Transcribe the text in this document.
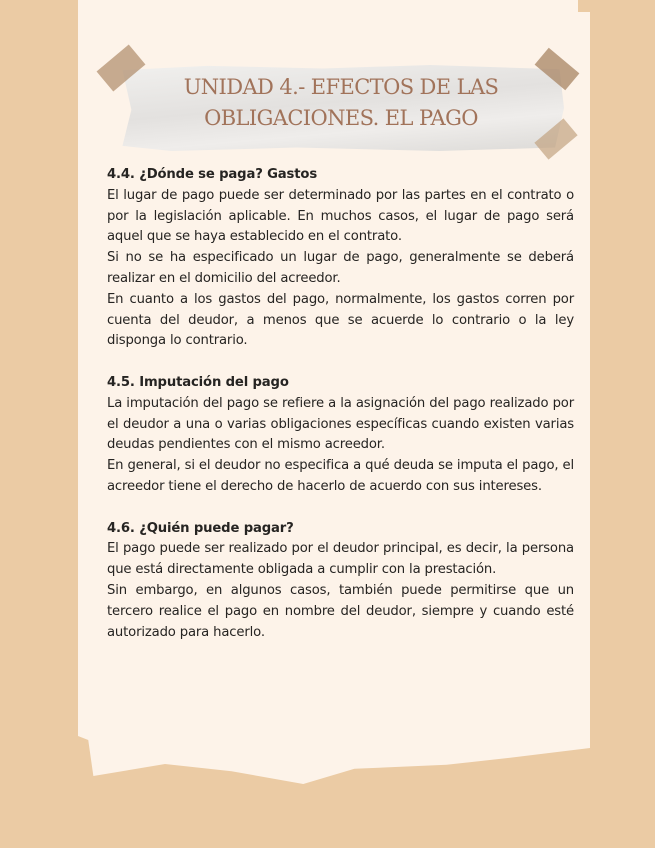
UNIDAD 4.- EFECTOS DE LAS
OBLIGACIONES. EL PAGO
4.4. ¿Dónde se paga? Gastos

El lugar de pago puede ser determinado por las partes en el contrato o por la legislación aplicable. En muchos casos, el lugar de pago será aquel que se haya establecido en el contrato.

Si no se ha especificado un lugar de pago, generalmente se deberá realizar en el domicilio del acreedor.

En cuanto a los gastos del pago, normalmente, los gastos corren por cuenta del deudor, a menos que se acuerde lo contrario o la ley disponga lo contrario.

4.5. Imputación del pago

La imputación del pago se refiere a la asignación del pago realizado por el deudor a una o varias obligaciones específicas cuando existen varias deudas pendientes con el mismo acreedor.

En general, si el deudor no especifica a qué deuda se imputa el pago, el acreedor tiene el derecho de hacerlo de acuerdo con sus intereses.

4.6. ¿Quién puede pagar?

El pago puede ser realizado por el deudor principal, es decir, la persona que está directamente obligada a cumplir con la prestación.

Sin embargo, en algunos casos, también puede permitirse que un tercero realice el pago en nombre del deudor, siempre y cuando esté autorizado para hacerlo.
